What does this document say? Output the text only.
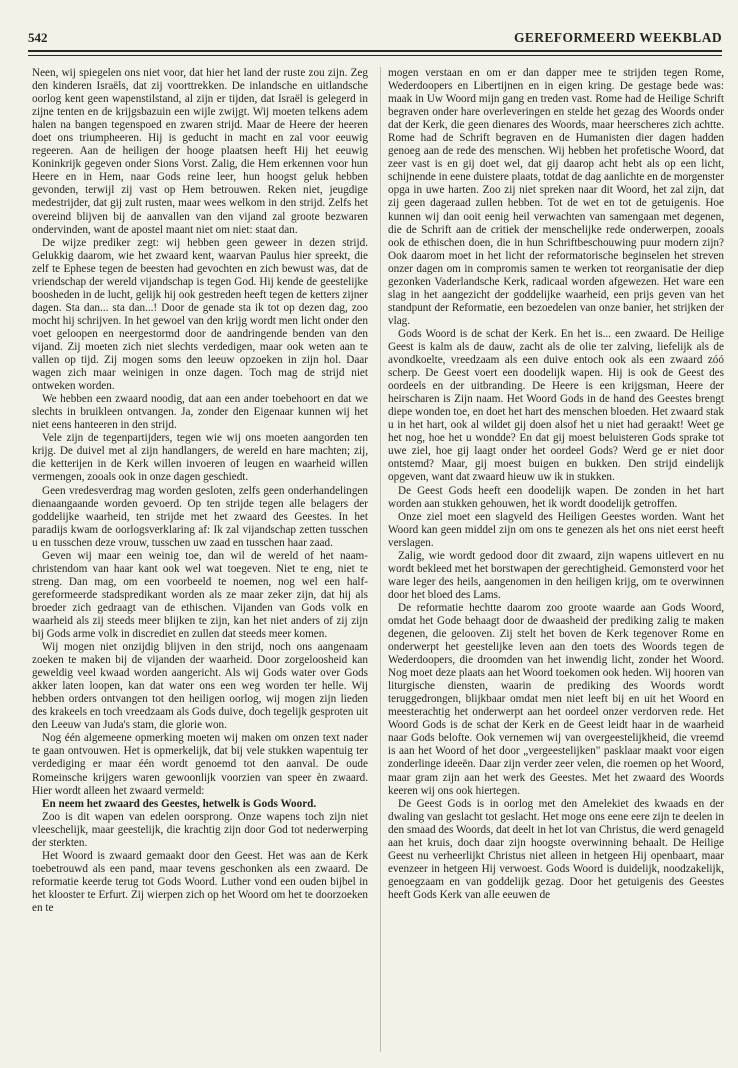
542	GEREFORMEERD WEEKBLAD

Neen, wij spiegelen ons niet voor, dat hier het land der ruste zou zijn. Zeg den kinderen Israëls, dat zij voorttrekken. De inlandsche en uitlandsche oorlog kent geen wapenstilstand, al zijn er tijden, dat Israël is gelegerd in zijne tenten en de krijgsbazuin een wijle zwijgt. Wij moeten telkens adem halen na bangen tegenspoed en zwaren strijd. Maar de Heere der heeren doet ons triumpheeren. Hij is geducht in macht en zal voor eeuwig regeeren. Aan de heiligen der hooge plaatsen heeft Hij het eeuwig Koninkrijk gegeven onder Sions Vorst. Zalig, die Hem erkennen voor hun Heere en in Hem, naar Gods reine leer, hun hoogst geluk hebben gevonden, terwijl zij vast op Hem betrouwen. Reken niet, jeugdige medestrijder, dat gij zult rusten, maar wees welkom in den strijd. Zelfs het overeind blijven bij de aanvallen van den vijand zal groote bezwaren ondervinden, want de apostel maant niet om niet: staat dan.

De wijze prediker zegt: wij hebben geen geweer in dezen strijd. Gelukkig daarom, wie het zwaard kent, waarvan Paulus hier spreekt, die zelf te Ephese tegen de beesten had gevochten en zich bewust was, dat de vriendschap der wereld vijandschap is tegen God. Hij kende de geestelijke boosheden in de lucht, gelijk hij ook gestreden heeft tegen de ketters zijner dagen. Sta dan... sta dan...! Door de genade sta ik tot op dezen dag, zoo mocht hij schrijven. In het gewoel van den krijg wordt men licht onder den voet geloopen en neergestormd door de aandringende benden van den vijand. Zij moeten zich niet slechts verdedigen, maar ook weten aan te vallen op tijd. Zij mogen soms den leeuw opzoeken in zijn hol. Daar wagen zich maar weinigen in onze dagen. Toch mag de strijd niet ontweken worden.

We hebben een zwaard noodig, dat aan een ander toebehoort en dat we slechts in bruikleen ontvangen. Ja, zonder den Eigenaar kunnen wij het niet eens hanteeren in den strijd.

Vele zijn de tegenpartijders, tegen wie wij ons moeten aangorden ten krijg. De duivel met al zijn handlangers, de wereld en hare machten; zij, die ketterijen in de Kerk willen invoeren of leugen en waarheid willen vermengen, zooals ook in onze dagen geschiedt.

Geen vredesverdrag mag worden gesloten, zelfs geen onderhandelingen dienaangaande worden gevoerd. Op ten strijde tegen alle belagers der goddelijke waarheid, ten strijde met het zwaard des Geestes. In het paradijs kwam de oorlogsverklaring af: Ik zal vijandschap zetten tusschen u en tusschen deze vrouw, tusschen uw zaad en tusschen haar zaad.

Geven wij maar een weinig toe, dan wil de wereld of het naam-christendom van haar kant ook wel wat toegeven. Niet te eng, niet te streng. Dan mag, om een voorbeeld te noemen, nog wel een half-gereformeerde stadspredikant worden als ze maar zeker zijn, dat hij als broeder zich gedraagt van de ethischen. Vijanden van Gods volk en waarheid als zij steeds meer blijken te zijn, kan het niet anders of zij zijn bij Gods arme volk in discrediet en zullen dat steeds meer komen.

Wij mogen niet onzijdig blijven in den strijd, noch ons aangenaam zoeken te maken bij de vijanden der waarheid. Door zorgeloosheid kan geweldig veel kwaad worden aangericht. Als wij Gods water over Gods akker laten loopen, kan dat water ons een weg worden ter helle. Wij hebben orders ontvangen tot den heiligen oorlog, wij mogen zijn lieden des krakeels en toch vreedzaam als Gods duive, doch tegelijk gesproten uit den Leeuw van Juda's stam, die glorie won.

Nog één algemeene opmerking moeten wij maken om onzen text nader te gaan ontvouwen. Het is opmerkelijk, dat bij vele stukken wapentuig ter verdediging er maar één wordt genoemd tot den aanval. De oude Romeinsche krijgers waren gewoonlijk voorzien van speer èn zwaard. Hier wordt alleen het zwaard vermeld:

En neem het zwaard des Geestes, hetwelk is Gods Woord.

Zoo is dit wapen van edelen oorsprong. Onze wapens toch zijn niet vleeschelijk, maar geestelijk, die krachtig zijn door God tot nederwerping der sterkten.

Het Woord is zwaard gemaakt door den Geest. Het was aan de Kerk toebetrouwd als een pand, maar tevens geschonken als een zwaard. De reformatie keerde terug tot Gods Woord. Luther vond een ouden bijbel in het klooster te Erfurt. Zij wierpen zich op het Woord om het te doorzoeken en te

mogen verstaan en om er dan dapper mee te strijden tegen Rome, Wederdoopers en Libertijnen en in eigen kring. De gestage bede was: maak in Uw Woord mijn gang en treden vast. Rome had de Heilige Schrift begraven onder hare overleveringen en stelde het gezag des Woords onder dat der Kerk, die geen dienares des Woords, maar heerscheres zich achtte. Rome had de Schrift begraven en de Humanisten dier dagen hadden genoeg aan de rede des menschen. Wij hebben het profetische Woord, dat zeer vast is en gij doet wel, dat gij daarop acht hebt als op een licht, schijnende in eene duistere plaats, totdat de dag aanlichte en de morgenster opga in uwe harten. Zoo zij niet spreken naar dit Woord, het zal zijn, dat zij geen dageraad zullen hebben. Tot de wet en tot de getuigenis. Hoe kunnen wij dan ooit eenig heil verwachten van samengaan met degenen, die de Schrift aan de critiek der menschelijke rede onderwerpen, zooals ook de ethischen doen, die in hun Schriftbeschouwing puur modern zijn? Ook daarom moet in het licht der reformatorische beginselen het streven onzer dagen om in compromis samen te werken tot reorganisatie der diep gezonken Vaderlandsche Kerk, radicaal worden afgewezen. Het ware een slag in het aangezicht der goddelijke waarheid, een prijs geven van het standpunt der Reformatie, een bezoedelen van onze banier, het strijken der vlag.

Gods Woord is de schat der Kerk. En het is... een zwaard. De Heilige Geest is kalm als de dauw, zacht als de olie ter zalving, liefelijk als de avondkoelte, vreedzaam als een duive entoch ook als een zwaard zóó scherp. De Geest voert een doodelijk wapen. Hij is ook de Geest des oordeels en der uitbranding. De Heere is een krijgsman, Heere der heirscharen is Zijn naam. Het Woord Gods in de hand des Geestes brengt diepe wonden toe, en doet het hart des menschen bloeden. Het zwaard stak u in het hart, ook al wildet gij doen alsof het u niet had geraakt! Weet ge het nog, hoe het u wondde? En dat gij moest beluisteren Gods sprake tot uwe ziel, hoe gij laagt onder het oordeel Gods? Werd ge er niet door ontstemd? Maar, gij moest buigen en bukken. Den strijd eindelijk opgeven, want dat zwaard hieuw uw ik in stukken.

De Geest Gods heeft een doodelijk wapen. De zonden in het hart worden aan stukken gehouwen, het ik wordt doodelijk getroffen.

Onze ziel moet een slagveld des Heiligen Geestes worden. Want het Woord kan geen middel zijn om ons te genezen als het ons niet eerst heeft verslagen.

Zalig, wie wordt gedood door dit zwaard, zijn wapens uitlevert en nu wordt bekleed met het borstwapen der gerechtigheid. Gemonsterd voor het ware leger des heils, aangenomen in den heiligen krijg, om te overwinnen door het bloed des Lams.

De reformatie hechtte daarom zoo groote waarde aan Gods Woord, omdat het Gode behaagt door de dwaasheid der prediking zalig te maken degenen, die gelooven. Zij stelt het boven de Kerk tegenover Rome en onderwerpt het geestelijke leven aan den toets des Woords tegen de Wederdoopers, die droomden van het inwendig licht, zonder het Woord. Nog moet deze plaats aan het Woord toekomen ook heden. Wij hooren van liturgische diensten, waarin de prediking des Woords wordt teruggedrongen, blijkbaar omdat men niet leeft bij en uit het Woord en meesterachtig het onderwerpt aan het oordeel onzer verdorven rede. Het Woord Gods is de schat der Kerk en de Geest leidt haar in de waarheid naar Gods belofte. Ook vernemen wij van overgeestelijkheid, die vreemd is aan het Woord of het door „vergeestelijken" pasklaar maakt voor eigen zonderlinge ideeën. Daar zijn verder zeer velen, die roemen op het Woord, maar gram zijn aan het werk des Geestes. Met het zwaard des Woords keeren wij ons ook hiertegen.

De Geest Gods is in oorlog met den Amelekiet des kwaads en der dwaling van geslacht tot geslacht. Het moge ons eene eere zijn te deelen in den smaad des Woords, dat deelt in het lot van Christus, die werd genageld aan het kruis, doch daar zijn hoogste overwinning behaalt. De Heilige Geest nu verheerlijkt Christus niet alleen in hetgeen Hij openbaart, maar evenzeer in hetgeen Hij verwoest. Gods Woord is duidelijk, noodzakelijk, genoegzaam en van goddelijk gezag. Door het getuigenis des Geestes heeft Gods Kerk van alle eeuwen de
